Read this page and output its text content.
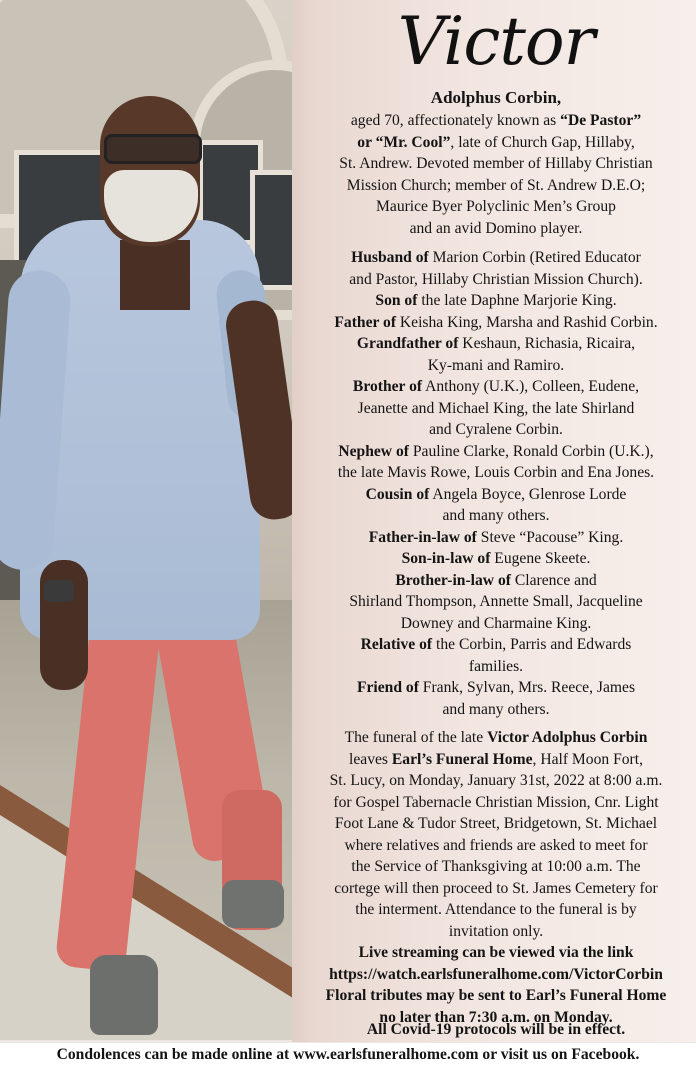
Victor
Adolphus Corbin,
aged 70, affectionately known as “De Pastor”
or “Mr. Cool”, late of Church Gap, Hillaby,
St. Andrew. Devoted member of Hillaby Christian
Mission Church; member of St. Andrew D.E.O;
Maurice Byer Polyclinic Men’s Group
and an avid Domino player.
Husband of Marion Corbin (Retired Educator
and Pastor, Hillaby Christian Mission Church).
Son of the late Daphne Marjorie King.
Father of Keisha King, Marsha and Rashid Corbin.
Grandfather of Keshaun, Richasia, Ricaira,
Ky-mani and Ramiro.
Brother of Anthony (U.K.), Colleen, Eudene,
Jeanette and Michael King, the late Shirland
and Cyralene Corbin.
Nephew of Pauline Clarke, Ronald Corbin (U.K.),
the late Mavis Rowe, Louis Corbin and Ena Jones.
Cousin of Angela Boyce, Glenrose Lorde
and many others.
Father-in-law of Steve “Pacouse” King.
Son-in-law of Eugene Skeete.
Brother-in-law of Clarence and
Shirland Thompson, Annette Small, Jacqueline
Downey and Charmaine King.
Relative of the Corbin, Parris and Edwards
families.
Friend of Frank, Sylvan, Mrs. Reece, James
and many others.
The funeral of the late Victor Adolphus Corbin
leaves Earl’s Funeral Home, Half Moon Fort,
St. Lucy, on Monday, January 31st, 2022 at 8:00 a.m.
for Gospel Tabernacle Christian Mission, Cnr. Light
Foot Lane & Tudor Street, Bridgetown, St. Michael
where relatives and friends are asked to meet for
the Service of Thanksgiving at 10:00 a.m. The
cortege will then proceed to St. James Cemetery for
the interment. Attendance to the funeral is by
invitation only.
Live streaming can be viewed via the link
https://watch.earlsfuneralhome.com/VictorCorbin
Floral tributes may be sent to Earl’s Funeral Home
no later than 7:30 a.m. on Monday.
All Covid-19 protocols will be in effect.
Condolences can be made online at www.earlsfuneralhome.com or visit us on Facebook.
